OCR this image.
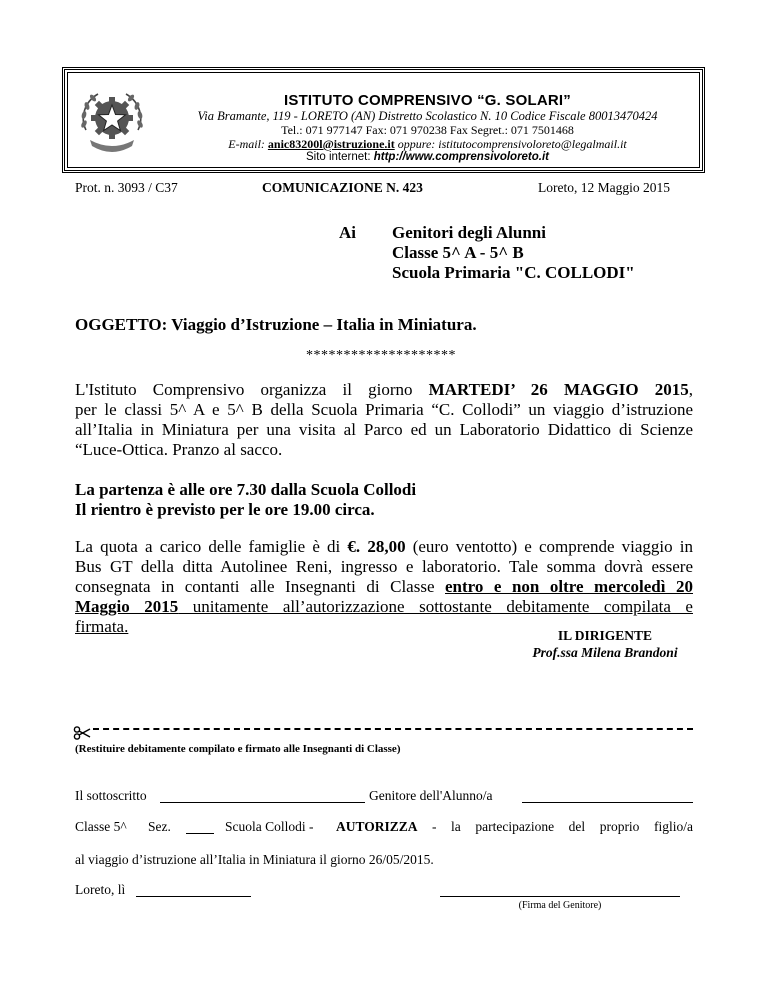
ISTITUTO COMPRENSIVO “G. SOLARI”
Via Bramante, 119 - LORETO (AN) Distretto Scolastico N. 10 Codice Fiscale 80013470424
Tel.: 071 977147 Fax: 071 970238 Fax Segret.: 071 7501468
E-mail: anic83200l@istruzione.it oppure: istitutocomprensivoloreto@legalmail.it
Sito internet: http://www.comprensivoloreto.it
Prot. n. 3093 / C37	COMUNICAZIONE N. 423	Loreto, 12 Maggio 2015
Ai Genitori degli Alunni
Classe 5^ A - 5^ B
Scuola Primaria "C. COLLODI"
OGGETTO: Viaggio d’Istruzione – Italia in Miniatura.
********************
L'Istituto Comprensivo organizza il giorno MARTEDI’ 26 MAGGIO 2015,
per le classi 5^ A e 5^ B della Scuola Primaria “C. Collodi” un viaggio d’istruzione
all’Italia in Miniatura per una visita al Parco ed un Laboratorio Didattico di Scienze
“Luce-Ottica. Pranzo al sacco.
La partenza è alle ore 7.30 dalla Scuola Collodi
Il rientro è previsto per le ore 19.00 circa.
La quota a carico delle famiglie è di €. 28,00 (euro ventotto) e comprende viaggio in
Bus GT della ditta Autolinee Reni, ingresso e laboratorio. Tale somma dovrà essere
consegnata in contanti alle Insegnanti di Classe entro e non oltre mercoledì 20
Maggio 2015 unitamente all’autorizzazione sottostante debitamente compilata e
firmata.	IL DIRIGENTE
Prof.ssa Milena Brandoni
(Restituire debitamente compilato e firmato alle Insegnanti di Classe)
Il sottoscritto	Genitore dell'Alunno/a
Classe 5^ Sez.	Scuola Collodi - AUTORIZZA - la partecipazione del proprio figlio/a
al viaggio d’istruzione all’Italia in Miniatura il giorno 26/05/2015.
Loreto, lì
(Firma del Genitore)
